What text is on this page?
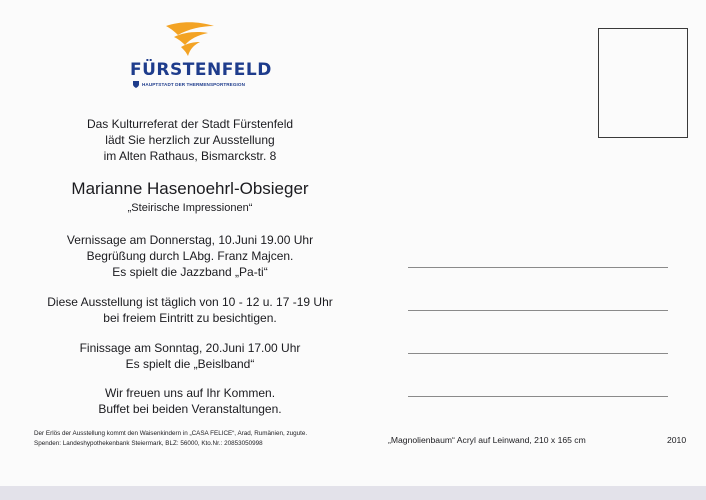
FÜRSTENFELD
HAUPTSTADT DER THERMENSPORTREGION
Das Kulturreferat der Stadt Fürstenfeld
lädt Sie herzlich zur Ausstellung
im Alten Rathaus, Bismarckstr. 8
Marianne Hasenoehrl-Obsieger
„Steirische Impressionen“
Vernissage am Donnerstag, 10.Juni 19.00 Uhr
Begrüßung durch LAbg. Franz Majcen.
Es spielt die Jazzband „Pa-ti“
Diese Ausstellung ist täglich von 10 - 12 u. 17 -19 Uhr
bei freiem Eintritt zu besichtigen.
Finissage am Sonntag, 20.Juni 17.00 Uhr
Es spielt die „Beislband“
Wir freuen uns auf Ihr Kommen.
Buffet bei beiden Veranstaltungen.
Der Erlös der Ausstellung kommt den Waisenkindern in „CASA FELICE“, Arad, Rumänien, zugute.
Spenden: Landeshypothekenbank Steiermark, BLZ: 56000, Kto.Nr.: 20853050998	„Magnolienbaum“ Acryl auf Leinwand, 210 x 165 cm	2010
